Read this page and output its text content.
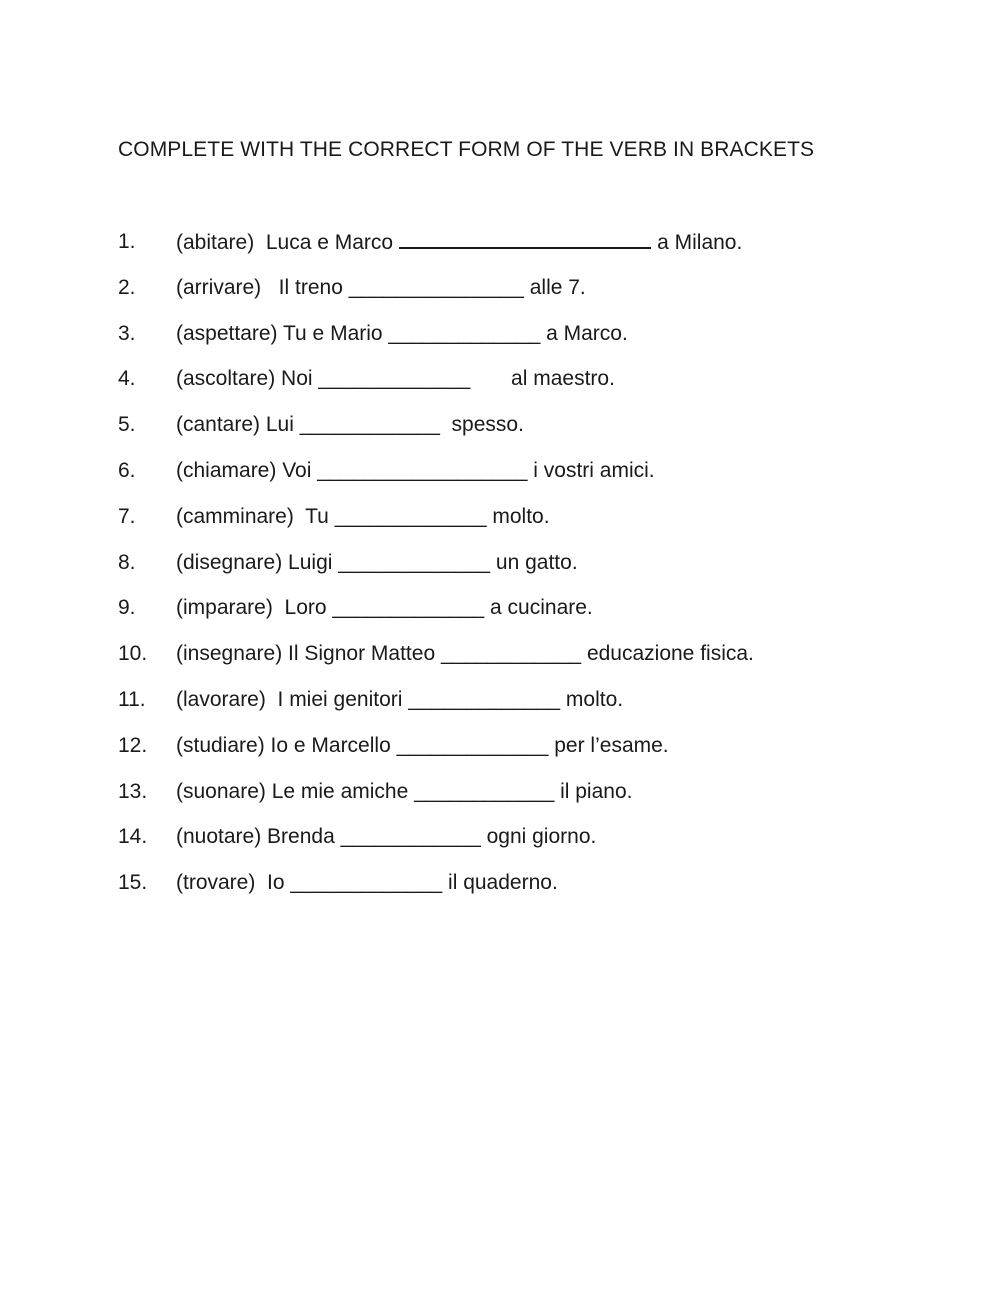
COMPLETE WITH THE CORRECT FORM OF THE VERB IN BRACKETS
1. (abitare)  Luca e Marco	a Milano.
2. (arrivare)   Il treno _______________ alle 7.
3. (aspettare) Tu e Mario _____________ a Marco.
4. (ascoltare) Noi _____________       al maestro.
5. (cantare) Lui ____________  spesso.
6. (chiamare) Voi __________________ i vostri amici.
7. (camminare)  Tu _____________ molto.
8. (disegnare) Luigi _____________ un gatto.
9. (imparare)  Loro _____________ a cucinare.
10. (insegnare) Il Signor Matteo ____________ educazione fisica.
11. (lavorare)  I miei genitori _____________ molto.
12. (studiare) Io e Marcello _____________ per l’esame.
13. (suonare) Le mie amiche ____________ il piano.
14. (nuotare) Brenda ____________ ogni giorno.
15. (trovare)  Io _____________ il quaderno.
